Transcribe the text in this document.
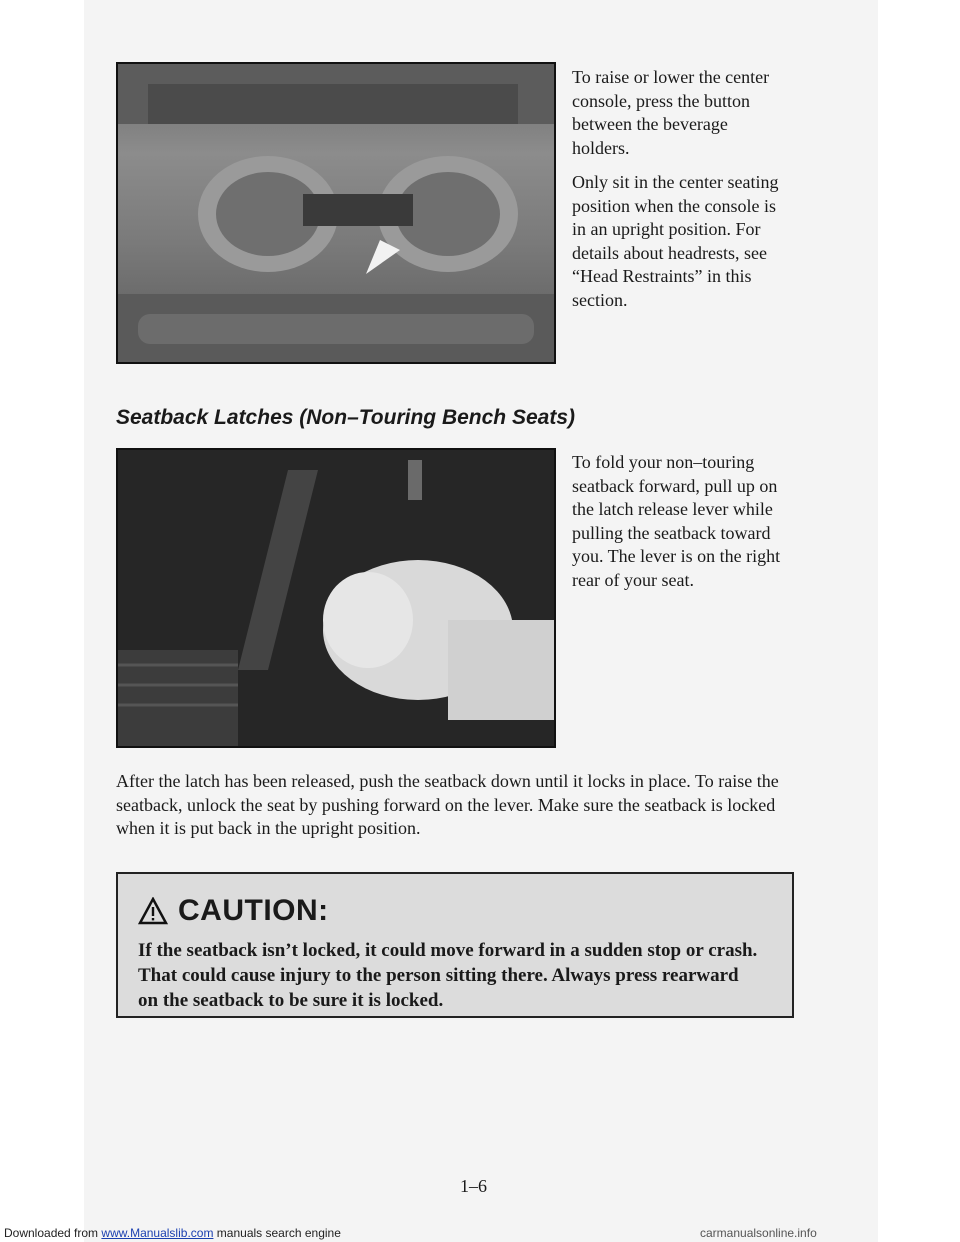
To raise or lower the center console, press the button between the beverage holders.

Only sit in the center seating position when the console is in an upright position. For details about headrests, see “Head Restraints” in this section.

Seatback Latches (Non–Touring Bench Seats)

To fold your non–touring seatback forward, pull up on the latch release lever while pulling the seatback toward you. The lever is on the right rear of your seat.

After the latch has been released, push the seatback down until it locks in place. To raise the seatback, unlock the seat by pushing forward on the lever. Make sure the seatback is locked when it is put back in the upright position.

CAUTION:

If the seatback isn’t locked, it could move forward in a sudden stop or crash. That could cause injury to the person sitting there. Always press rearward on the seatback to be sure it is locked.

1–6
Downloaded from www.Manualslib.com manuals search engine	carmanualsonline.info
